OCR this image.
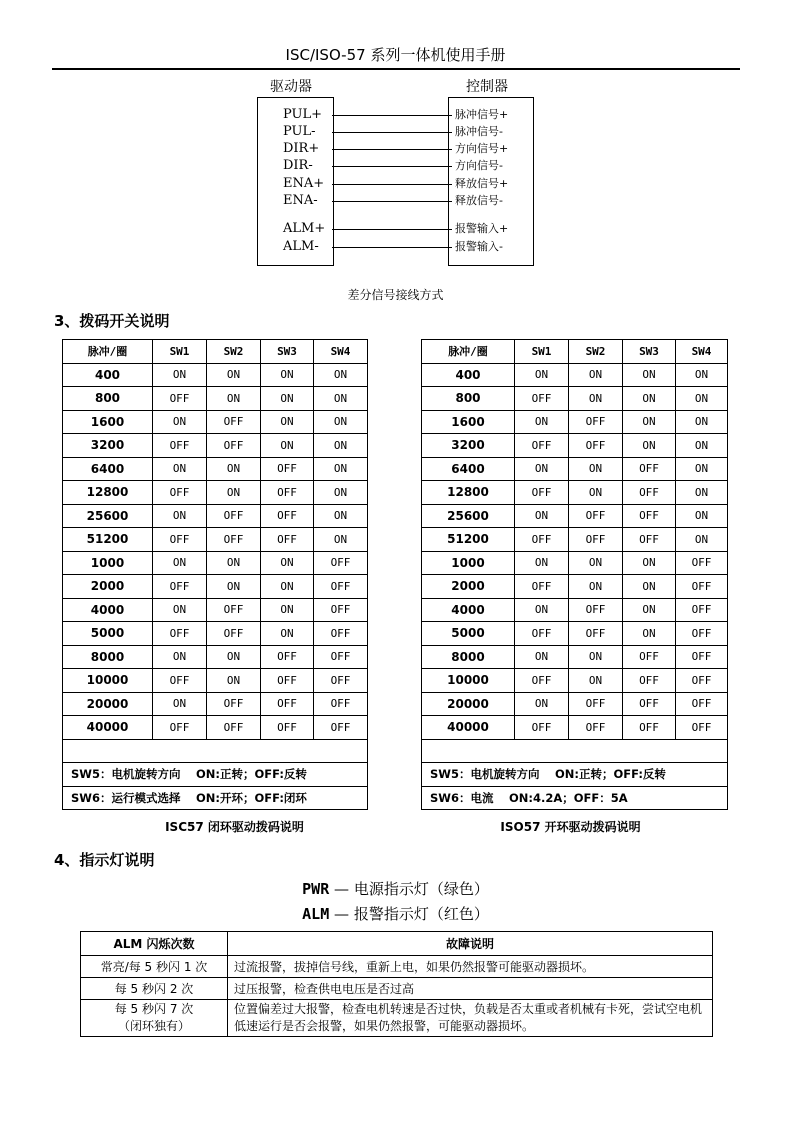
ISC/ISO-57 系列一体机使用手册
驱动器	控制器
PUL+
PUL-
DIR+
DIR-
ENA+
ENA-
ALM+
ALM-
脉冲信号+
脉冲信号-
方向信号+
方向信号-
释放信号+
释放信号-
报警输入+
报警输入-
差分信号接线方式
3、拨码开关说明
脉冲/圈	SW1	SW2	SW3	SW4
400	ON	ON	ON	ON
800	OFF	ON	ON	ON
1600	ON	OFF	ON	ON
3200	OFF	OFF	ON	ON
6400	ON	ON	OFF	ON
12800	OFF	ON	OFF	ON
25600	ON	OFF	OFF	ON
51200	OFF	OFF	OFF	ON
1000	ON	ON	ON	OFF
2000	OFF	ON	ON	OFF
4000	ON	OFF	ON	OFF
5000	OFF	OFF	ON	OFF
8000	ON	ON	OFF	OFF
10000	OFF	ON	OFF	OFF
20000	ON	OFF	OFF	OFF
40000	OFF	OFF	OFF	OFF

SW5：电机旋转方向　 ON:正转；OFF:反转				
SW6：运行模式选择　 ON:开环；OFF:闭环				
ISC57 闭环驱动拨码说明
脉冲/圈	SW1	SW2	SW3	SW4
400	ON	ON	ON	ON
800	OFF	ON	ON	ON
1600	ON	OFF	ON	ON
3200	OFF	OFF	ON	ON
6400	ON	ON	OFF	ON
12800	OFF	ON	OFF	ON
25600	ON	OFF	OFF	ON
51200	OFF	OFF	OFF	ON
1000	ON	ON	ON	OFF
2000	OFF	ON	ON	OFF
4000	ON	OFF	ON	OFF
5000	OFF	OFF	ON	OFF
8000	ON	ON	OFF	OFF
10000	OFF	ON	OFF	OFF
20000	ON	OFF	OFF	OFF
40000	OFF	OFF	OFF	OFF

SW5：电机旋转方向　 ON:正转；OFF:反转				
SW6：电流　 ON:4.2A；OFF：5A				
ISO57 开环驱动拨码说明
4、指示灯说明
PWR — 电源指示灯（绿色）
ALM — 报警指示灯（红色）
ALM 闪烁次数	故障说明
常亮/每 5 秒闪 1 次	过流报警，拔掉信号线，重新上电，如果仍然报警可能驱动器损坏。
每 5 秒闪 2 次	过压报警，检查供电电压是否过高

每 5 秒闪 7 次
（闭环独有）	位置偏差过大报警，检查电机转速是否过快，负载是否太重或者机械有卡死，尝试空电机低速运行是否会报警，如果仍然报警，可能驱动器损坏。
